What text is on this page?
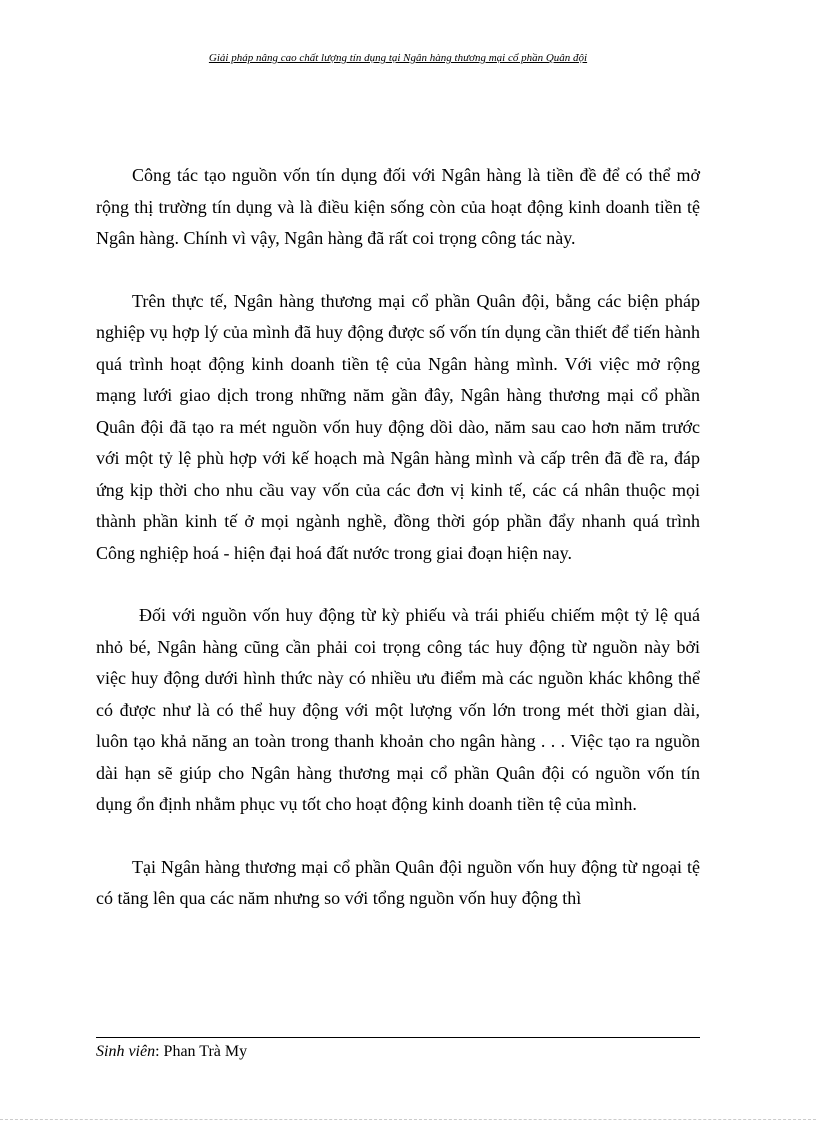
Giải pháp nâng cao chất lượng tín dụng tại Ngân hàng thương mại cổ phần Quân đội

Công tác tạo nguồn vốn tín dụng đối với Ngân hàng là tiền đề để có thể mở rộng thị trường tín dụng và là điều kiện sống còn của hoạt động kinh doanh tiền tệ Ngân hàng. Chính vì vậy, Ngân hàng đã rất coi trọng công tác này.

Trên thực tế, Ngân hàng thương mại cổ phần Quân đội, bằng các biện pháp nghiệp vụ hợp lý của mình đã huy động được số vốn tín dụng cần thiết để tiến hành quá trình hoạt động kinh doanh tiền tệ của Ngân hàng mình. Với việc mở rộng mạng lưới giao dịch trong những năm gần đây, Ngân hàng thương mại cổ phần Quân đội đã tạo ra mét nguồn vốn huy động dồi dào, năm sau cao hơn năm trước với một tỷ lệ phù hợp với kế hoạch mà Ngân hàng mình và cấp trên đã đề ra, đáp ứng kịp thời cho nhu cầu vay vốn của các đơn vị kinh tế, các cá nhân thuộc mọi thành phần kinh tế ở mọi ngành nghề, đồng thời góp phần đẩy nhanh quá trình Công nghiệp hoá - hiện đại hoá đất nước trong giai đoạn hiện nay.

Đối với nguồn vốn huy động từ kỳ phiếu và trái phiếu chiếm một tỷ lệ quá nhỏ bé, Ngân hàng cũng cần phải coi trọng công tác huy động từ nguồn này bởi việc huy động dưới hình thức này có nhiều ưu điểm mà các nguồn khác không thể có được như là có thể huy động với một lượng vốn lớn trong mét thời gian dài, luôn tạo khả năng an toàn trong thanh khoản cho ngân hàng . . . Việc tạo ra nguồn dài hạn sẽ giúp cho Ngân hàng thương mại cổ phần Quân đội có nguồn vốn tín dụng ổn định nhằm phục vụ tốt cho hoạt động kinh doanh tiền tệ của mình.

Tại Ngân hàng thương mại cổ phần Quân đội nguồn vốn huy động từ ngoại tệ có tăng lên qua các năm nhưng so với tổng nguồn vốn huy động thì

Sinh viên: Phan Trà My
